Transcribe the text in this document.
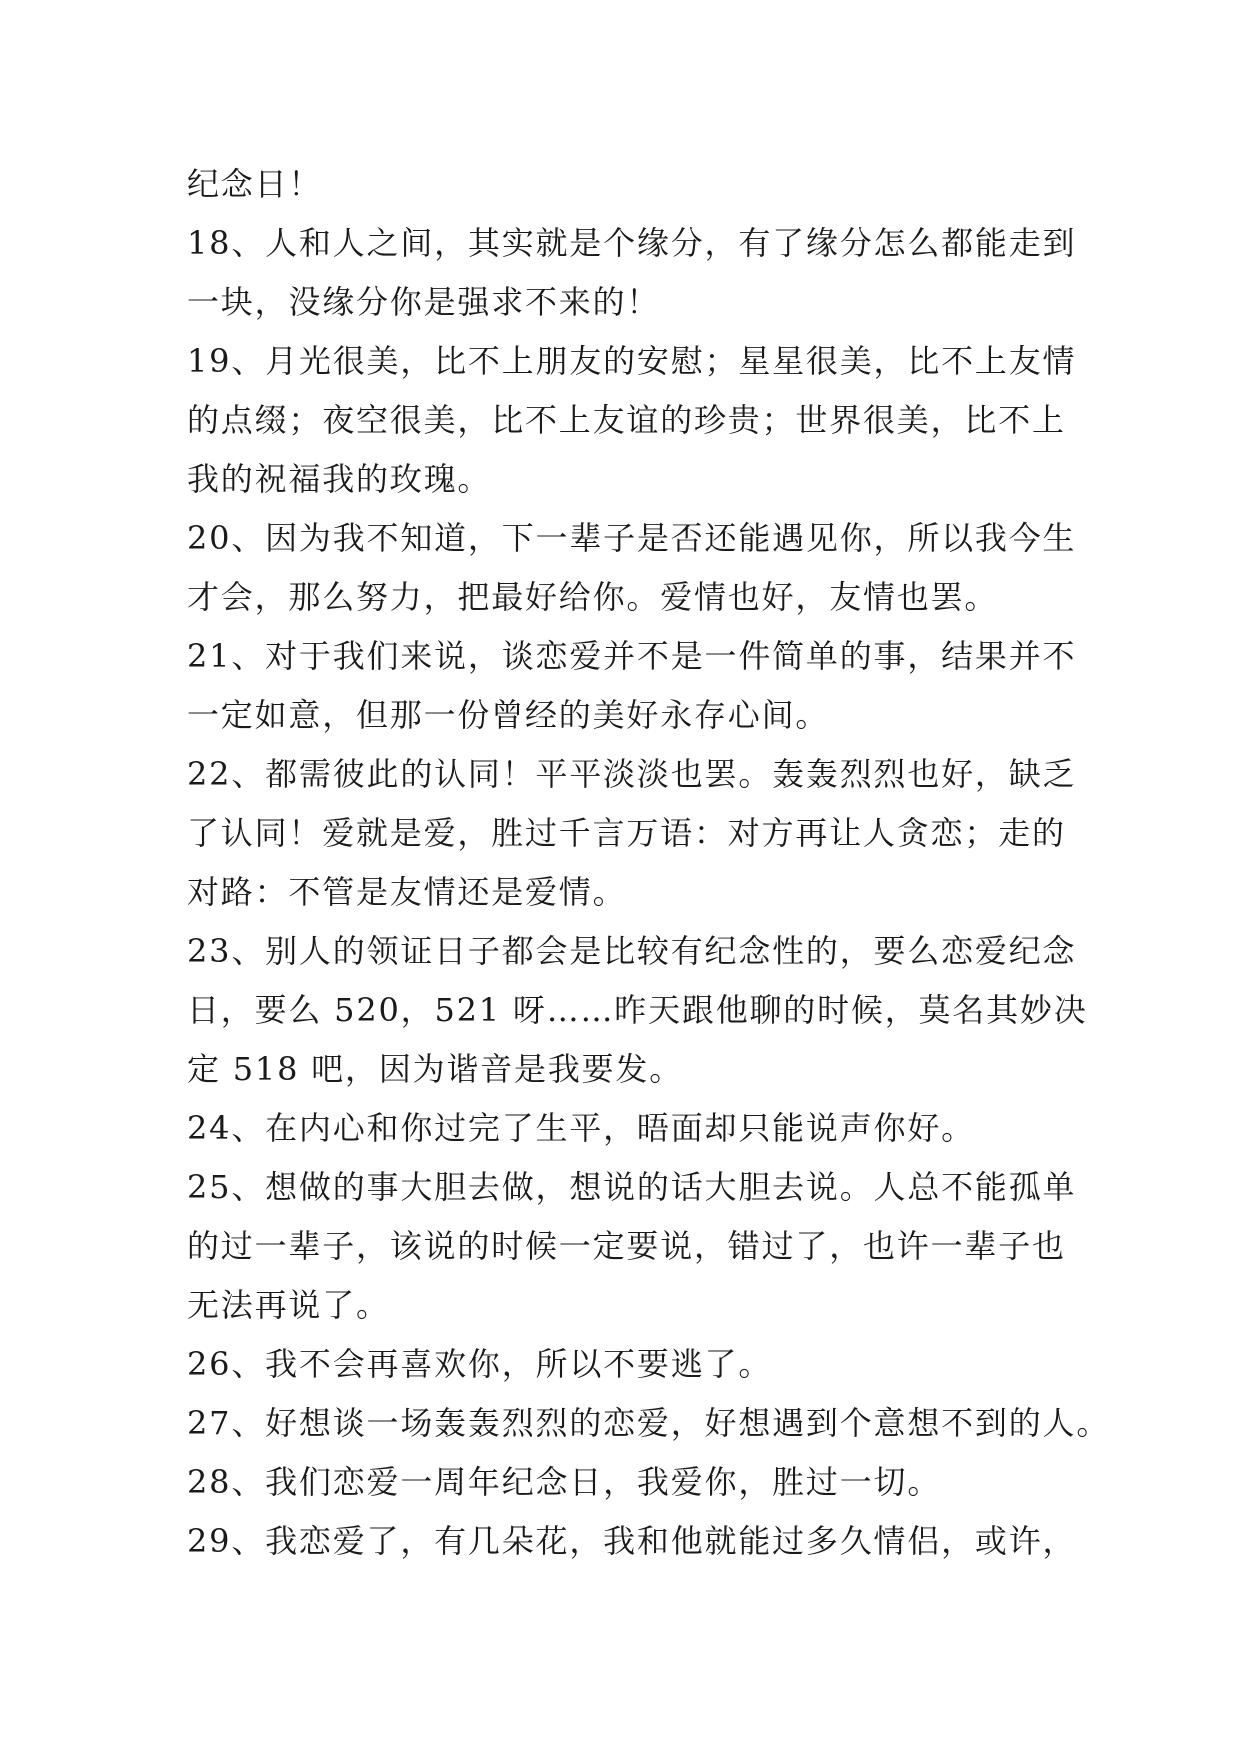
纪念日！
18、人和人之间，其实就是个缘分，有了缘分怎么都能走到
一块，没缘分你是强求不来的！
19、月光很美，比不上朋友的安慰；星星很美，比不上友情
的点缀；夜空很美，比不上友谊的珍贵；世界很美，比不上
我的祝福我的玫瑰。
20、因为我不知道，下一辈子是否还能遇见你，所以我今生
才会，那么努力，把最好给你。爱情也好，友情也罢。
21、对于我们来说，谈恋爱并不是一件简单的事，结果并不
一定如意，但那一份曾经的美好永存心间。
22、都需彼此的认同！平平淡淡也罢。轰轰烈烈也好，缺乏
了认同！爱就是爱，胜过千言万语：对方再让人贪恋；走的
对路：不管是友情还是爱情。
23、别人的领证日子都会是比较有纪念性的，要么恋爱纪念
日，要么 520，521 呀……昨天跟他聊的时候，莫名其妙决
定 518 吧，因为谐音是我要发。
24、在内心和你过完了生平，晤面却只能说声你好。
25、想做的事大胆去做，想说的话大胆去说。人总不能孤单
的过一辈子，该说的时候一定要说，错过了，也许一辈子也
无法再说了。
26、我不会再喜欢你，所以不要逃了。
27、好想谈一场轰轰烈烈的恋爱，好想遇到个意想不到的人。
28、我们恋爱一周年纪念日，我爱你，胜过一切。
29、我恋爱了，有几朵花，我和他就能过多久情侣，或许，
